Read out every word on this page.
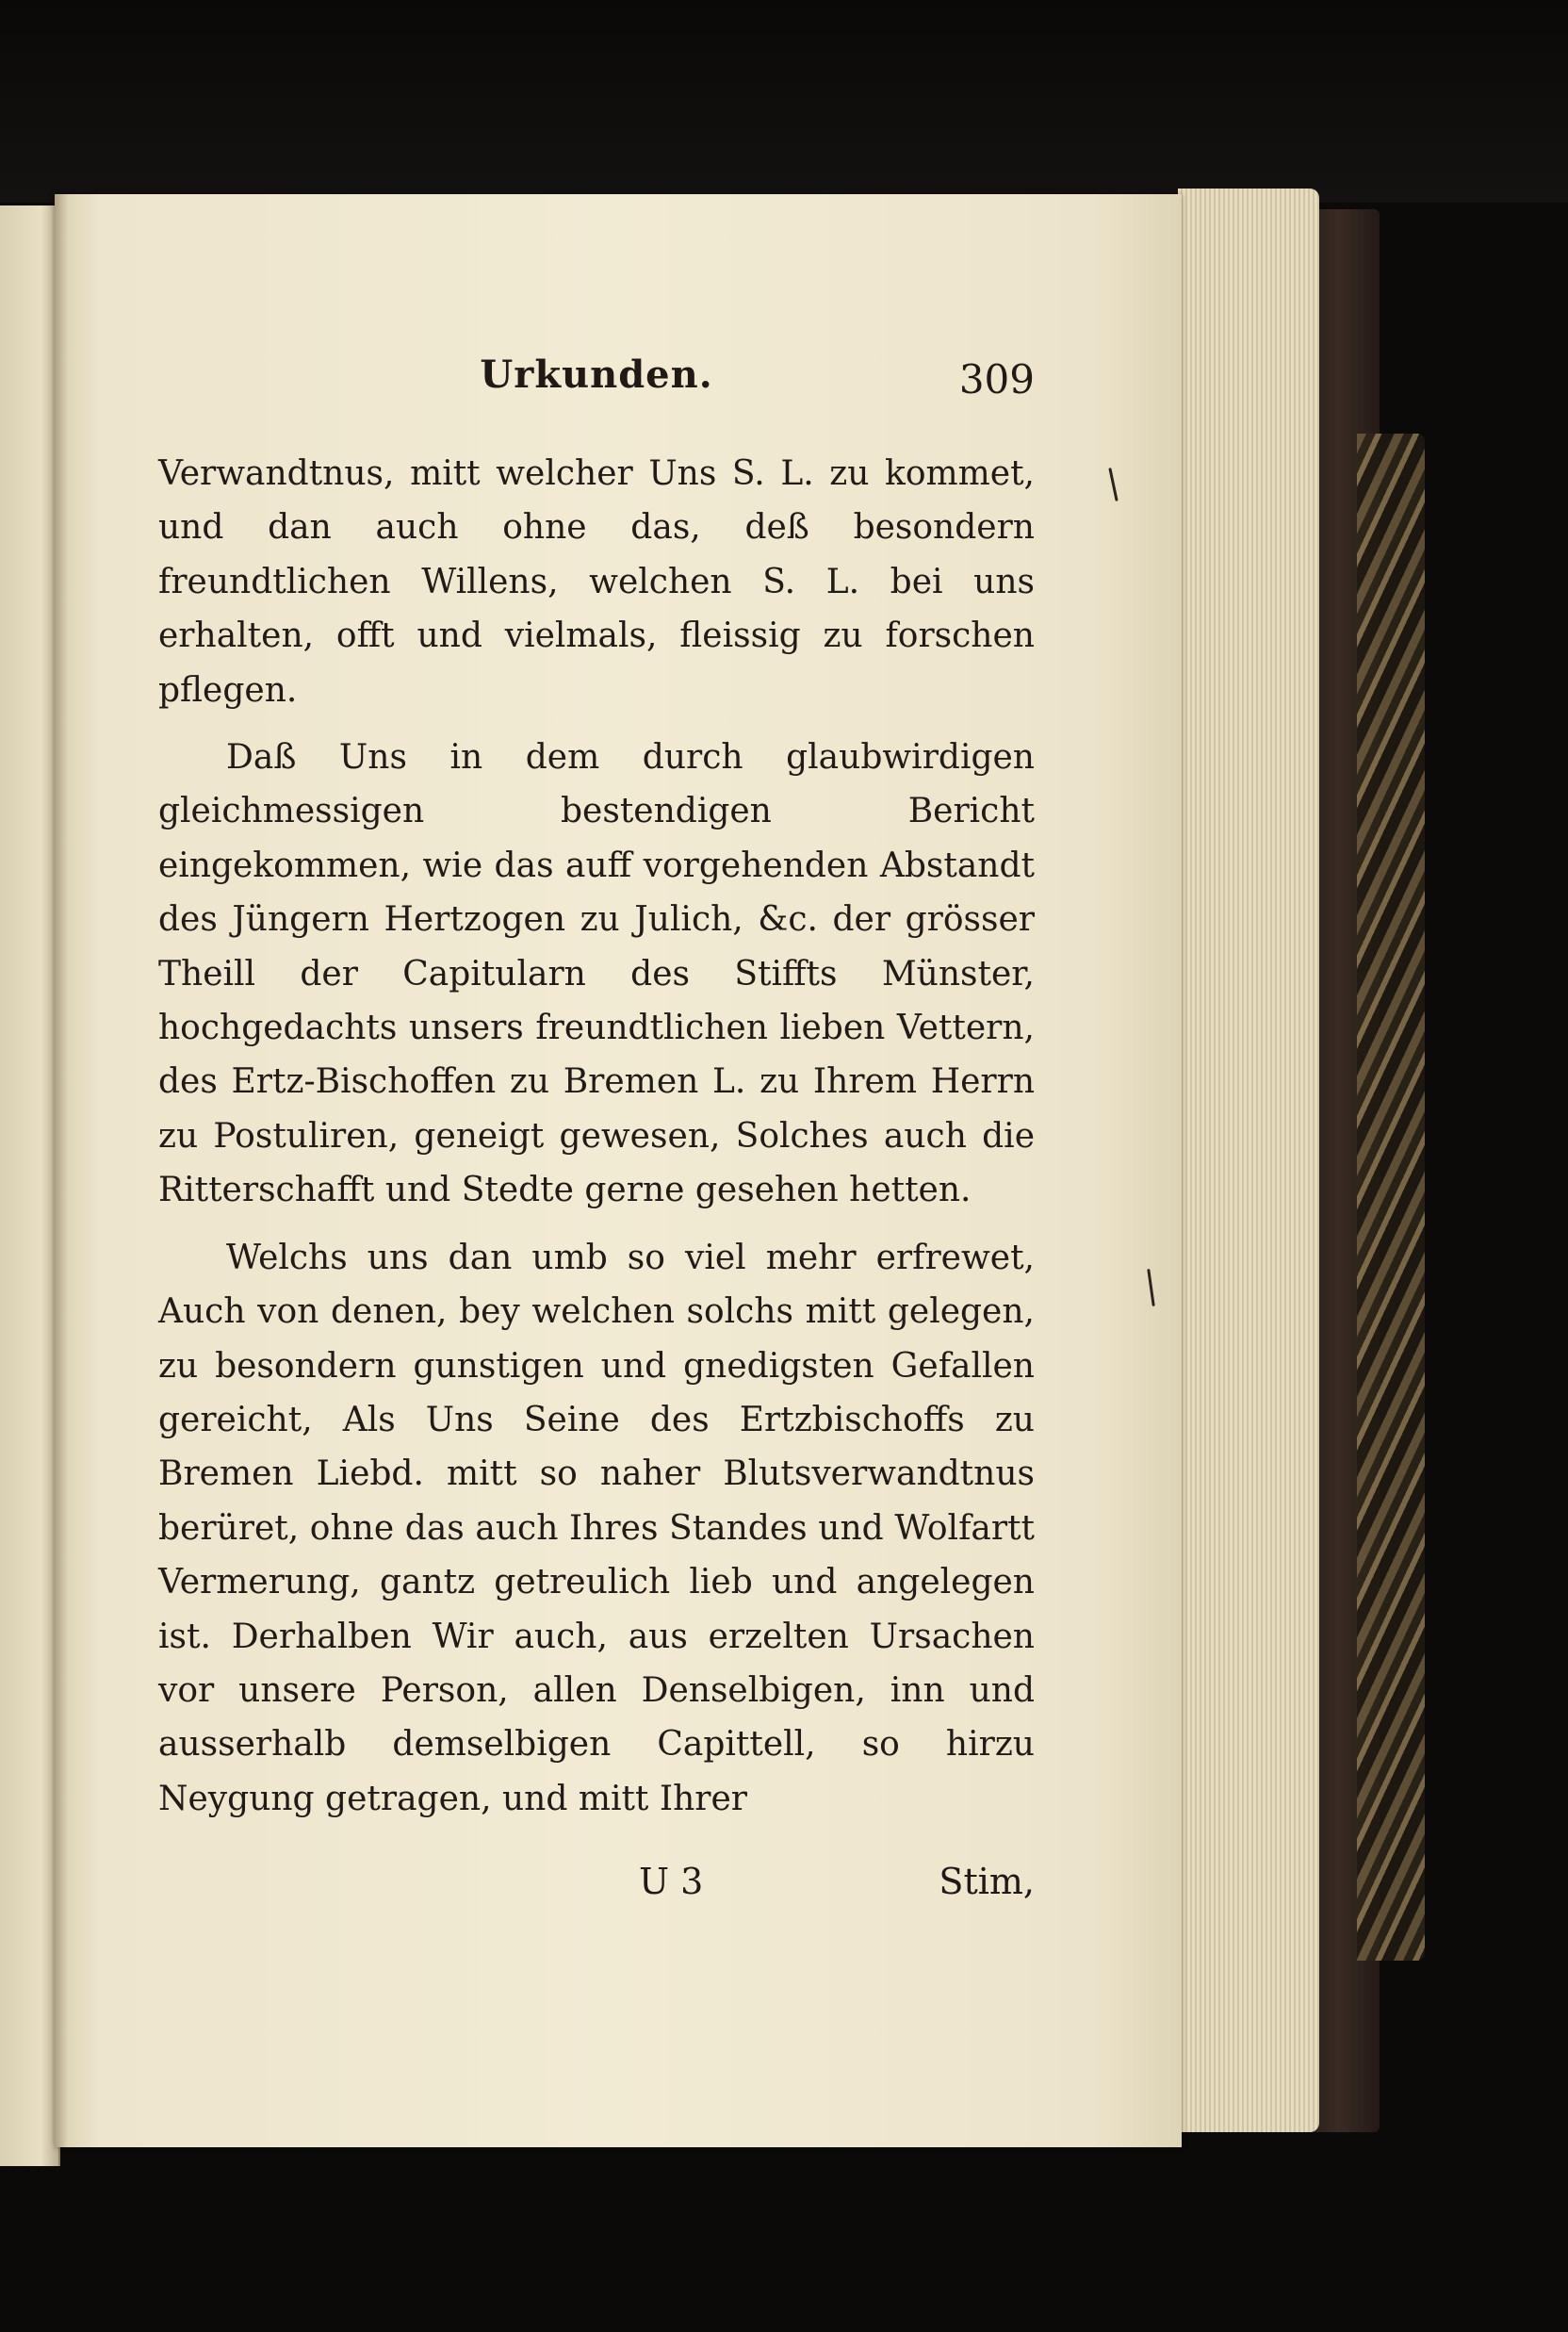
Urkunden.	309

Verwandtnus, mitt welcher Uns S. L. zu kommet, und dan auch ohne das, deß besondern freundtlichen Willens, welchen S. L. bei uns erhalten, offt und vielmals, fleissig zu forschen pflegen.

Daß Uns in dem durch glaubwirdigen gleichmessigen bestendigen Bericht eingekommen, wie das auff vorgehenden Abstandt des Jüngern Hertzogen zu Julich, &c. der grösser Theill der Capitularn des Stiffts Münster, hochgedachts unsers freundtlichen lieben Vettern, des Ertz-Bischoffen zu Bremen L. zu Ihrem Herrn zu Postuliren, geneigt gewesen, Solches auch die Ritterschafft und Stedte gerne gesehen hetten.

Welchs uns dan umb so viel mehr erfrewet, Auch von denen, bey welchen solchs mitt gelegen, zu besondern gunstigen und gnedigsten Gefallen gereicht, Als Uns Seine des Ertzbischoffs zu Bremen Liebd. mitt so naher Blutsverwandtnus berüret, ohne das auch Ihres Standes und Wolfartt Vermerung, gantz getreulich lieb und angelegen ist. Derhalben Wir auch, aus erzelten Ursachen vor unsere Person, allen Denselbigen, inn und ausserhalb demselbigen Capittell, so hirzu Neygung getragen, und mitt Ihrer

U 3	Stim,
